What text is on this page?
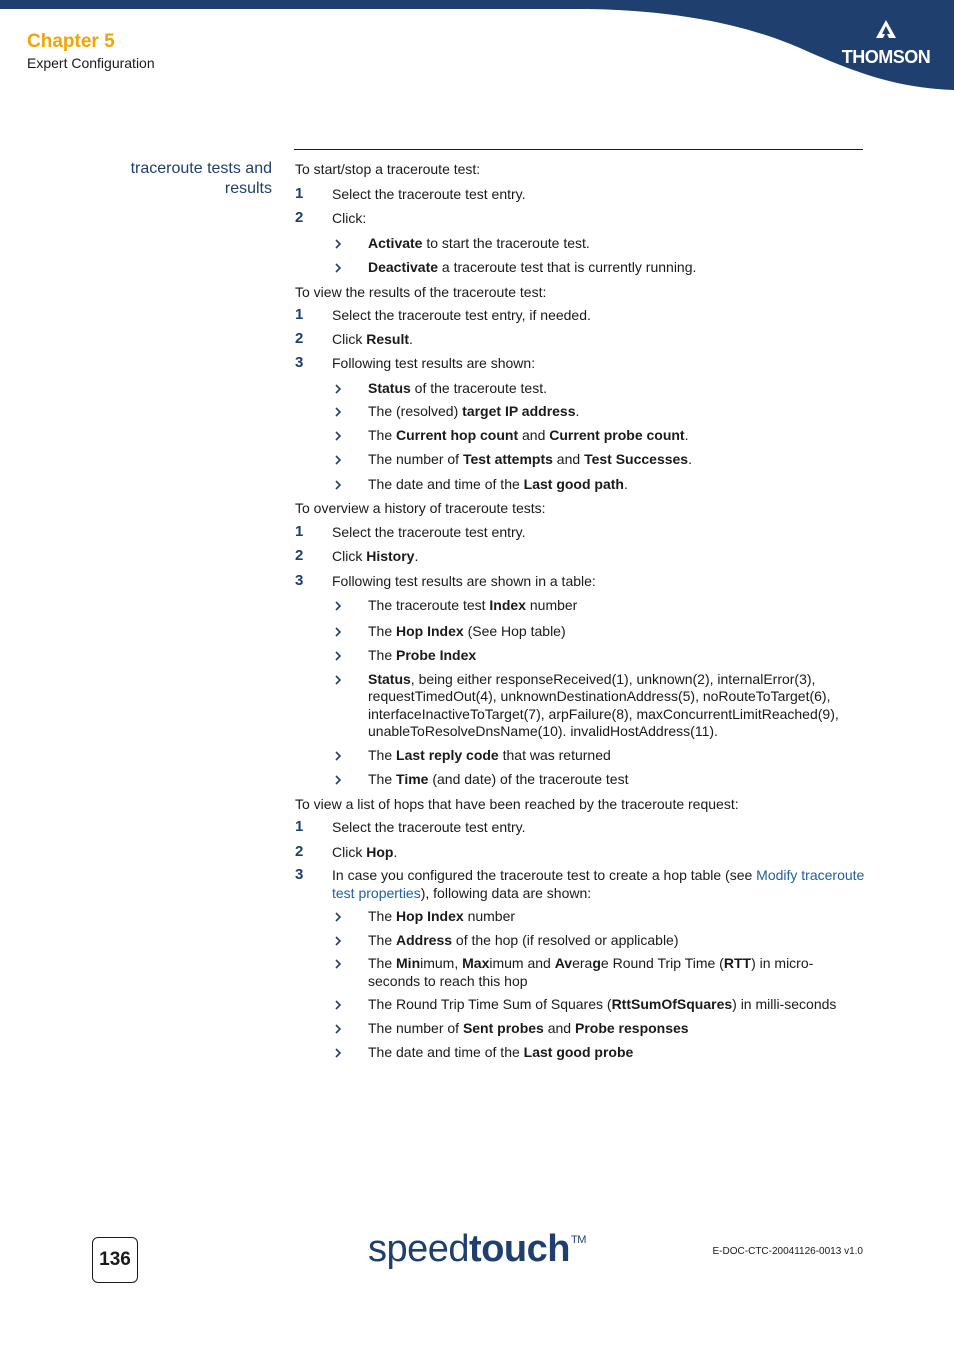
Chapter 5
Expert Configuration	THOMSON
traceroute tests and
results
To start/stop a traceroute test:
1 Select the traceroute test entry.
2 Click:
Activate to start the traceroute test.
Deactivate a traceroute test that is currently running.
To view the results of the traceroute test:
1 Select the traceroute test entry, if needed.
2 Click Result.
3 Following test results are shown:
Status of the traceroute test.
The (resolved) target IP address.
The Current hop count and Current probe count.
The number of Test attempts and Test Successes.
The date and time of the Last good path.
To overview a history of traceroute tests:
1 Select the traceroute test entry.
2 Click History.
3 Following test results are shown in a table:
The traceroute test Index number
The Hop Index (See Hop table)
The Probe Index
Status, being either responseReceived(1), unknown(2), internalError(3), requestTimedOut(4), unknownDestinationAddress(5), noRouteToTarget(6), interfaceInactiveToTarget(7), arpFailure(8), maxConcurrentLimitReached(9), unableToResolveDnsName(10). invalidHostAddress(11).
The Last reply code that was returned
The Time (and date) of the traceroute test
To view a list of hops that have been reached by the traceroute request:
1 Select the traceroute test entry.
2 Click Hop.
3 In case you configured the traceroute test to create a hop table (see Modify traceroute test properties), following data are shown:
The Hop Index number
The Address of the hop (if resolved or applicable)
The Minimum, Maximum and Average Round Trip Time (RTT) in micro-seconds to reach this hop
The Round Trip Time Sum of Squares (RttSumOfSquares) in milli-seconds
The number of Sent probes and Probe responses
The date and time of the Last good probe
136	speedtouch™
E-DOC-CTC-20041126-0013 v1.0
